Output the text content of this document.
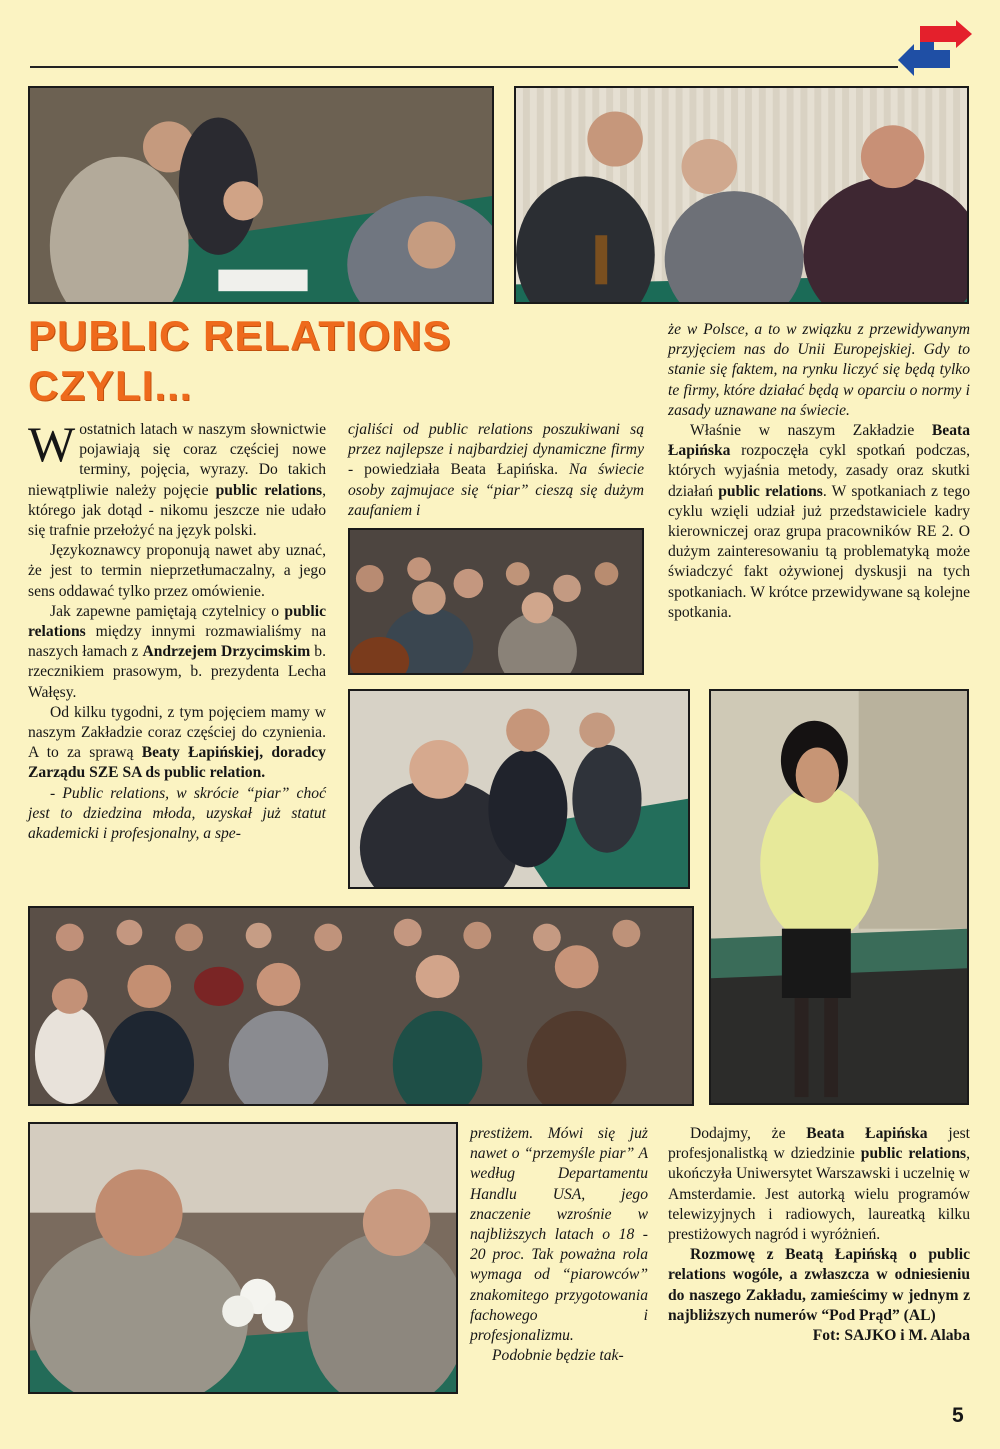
PUBLIC RELATIONS
CZYLI...

Wostatnich latach w naszym słownictwie pojawiają się coraz częściej nowe terminy, pojęcia, wyrazy. Do takich niewątpliwie należy pojęcie public relations, którego jak dotąd - nikomu jeszcze nie udało się trafnie przełożyć na język polski.

Językoznawcy proponują nawet aby uznać, że jest to termin nieprzetłumaczalny, a jego sens oddawać tylko przez omówienie.

Jak zapewne pamiętają czytelnicy o public relations między innymi rozmawialiśmy na naszych łamach z Andrzejem Drzycimskim b. rzecznikiem prasowym, b. prezydenta Lecha Wałęsy.

Od kilku tygodni, z tym pojęciem mamy w naszym Zakładzie coraz częściej do czynienia. A to za sprawą Beaty Łapińskiej, doradcy Zarządu SZE SA ds public relation.

- Public relations, w skrócie “piar” choć jest to dziedzina młoda, uzyskał już statut akademicki i profesjonalny, a spe-

cjaliści od public relations poszukiwani są przez najlepsze i najbardziej dynamiczne firmy - powiedziała Beata Łapińska. Na świecie osoby zajmujace się “piar” cieszą się dużym zaufaniem i

że w Polsce, a to w związku z przewidywanym przyjęciem nas do Unii Europejskiej. Gdy to stanie się faktem, na rynku liczyć się będą tylko te firmy, które działać będą w oparciu o normy i zasady uznawane na świecie.

Właśnie w naszym Zakładzie Beata Łapińska rozpoczęła cykl spotkań podczas, których wyjaśnia metody, zasady oraz skutki działań public relations. W spotkaniach z tego cyklu wzięli udział już przedstawiciele kadry kierowniczej oraz grupa pracowników RE 2. O dużym zainteresowaniu tą problematyką może świadczyć fakt ożywionej dyskusji na tych spotkaniach. W krótce przewidywane są kolejne spotkania.

prestiżem. Mówi się już nawet o “przemyśle piar” A według Departamentu Handlu USA, jego znaczenie wzrośnie w najbliższych latach o 18 - 20 proc. Tak poważna rola wymaga od “piarowców” znakomitego przygotowania fachowego i profesjonalizmu.

Podobnie będzie tak-

Dodajmy, że Beata Łapińska jest profesjonalistką w dziedzinie public relations, ukończyła Uniwersytet Warszawski i uczelnię w Amsterdamie. Jest autorką wielu programów telewizyjnych i radiowych, laureatką kilku prestiżowych nagród i wyróżnień.

Rozmowę z Beatą Łapińską o public relations wogóle, a zwłaszcza w odniesieniu do naszego Zakładu, zamieścimy w jednym z najbliższych numerów “Pod Prąd” (AL)

Fot: SAJKO i M. Alaba

5
